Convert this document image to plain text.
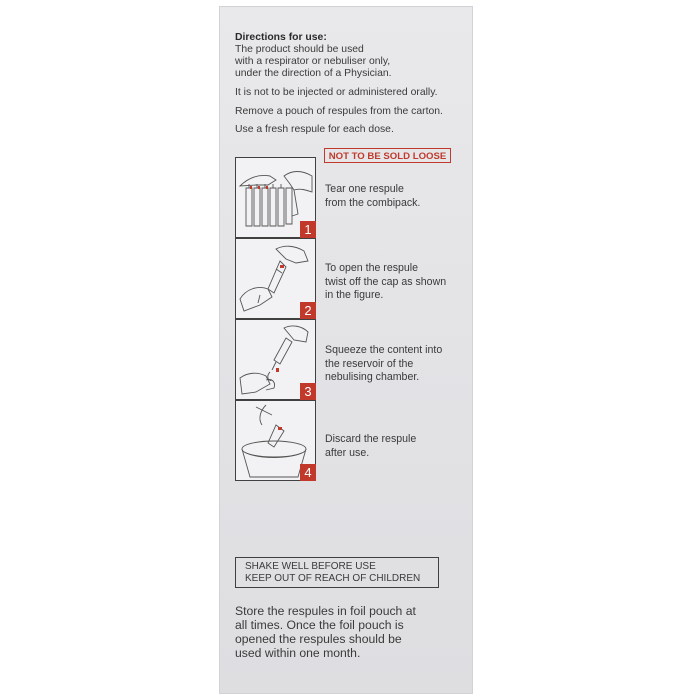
Directions for use:

The product should be used

with a respirator or nebuliser only,

under the direction of a Physician.

It is not to be injected or administered orally.

Remove a pouch of respules from the carton.

Use a fresh respule for each dose.

NOT TO BE SOLD LOOSE
1
Tear one respule
from the combipack.
2
To open the respule
twist off the cap as shown
in the figure.
3
Squeeze the content into
the reservoir of the
nebulising chamber.
4
Discard the respule
after use.
SHAKE WELL BEFORE USE
KEEP OUT OF REACH OF CHILDREN
Store the respules in foil pouch at
all times. Once the foil pouch is
opened the respules should be
used within one month.
